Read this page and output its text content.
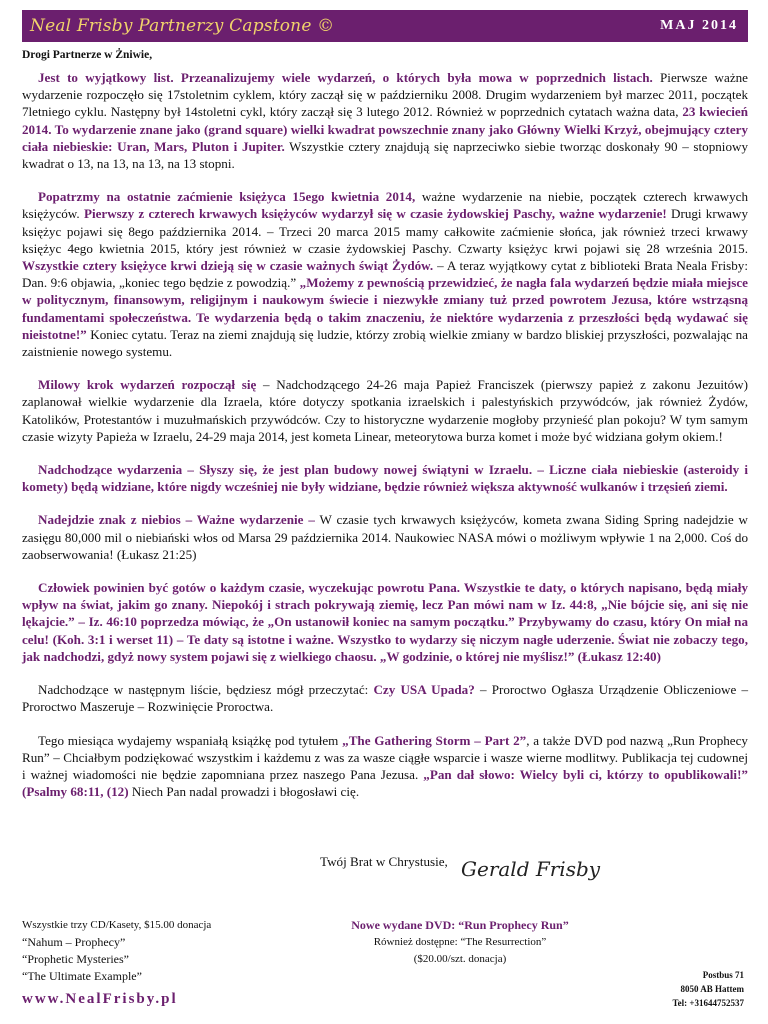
Neal Frisby Partnerzy Capstone ©	MAJ 2014
Drogi Partnerze w Żniwie,

Jest to wyjątkowy list. Przeanalizujemy wiele wydarzeń, o których była mowa w poprzednich listach. Pierwsze ważne wydarzenie rozpoczęło się 17stoletnim cyklem, który zaczął się w październiku 2008. Drugim wydarzeniem był marzec 2011, początek 7letniego cyklu. Następny był 14stoletni cykl, który zaczął się 3 lutego 2012. Również w poprzednich cytatach ważna data, 23 kwiecień 2014. To wydarzenie znane jako (grand square) wielki kwadrat powszechnie znany jako Główny Wielki Krzyż, obejmujący cztery ciała niebieskie: Uran, Mars, Pluton i Jupiter. Wszystkie cztery znajdują się naprzeciwko siebie tworząc doskonały 90 – stopniowy kwadrat o 13, na 13, na 13, na 13 stopni.

Popatrzmy na ostatnie zaćmienie księżyca 15ego kwietnia 2014, ważne wydarzenie na niebie, początek czterech krwawych księżyców. Pierwszy z czterech krwawych księżyców wydarzył się w czasie żydowskiej Paschy, ważne wydarzenie! Drugi krwawy księżyc pojawi się 8ego października 2014. – Trzeci 20 marca 2015 mamy całkowite zaćmienie słońca, jak również trzeci krwawy księżyc 4ego kwietnia 2015, który jest również w czasie żydowskiej Paschy. Czwarty księżyc krwi pojawi się 28 września 2015. Wszystkie cztery księżyce krwi dzieją się w czasie ważnych świąt Żydów. – A teraz wyjątkowy cytat z biblioteki Brata Neala Frisby: Dan. 9:6 objawia, „koniec tego będzie z powodzią.” „Możemy z pewnością przewidzieć, że nagła fala wydarzeń będzie miała miejsce w politycznym, finansowym, religijnym i naukowym świecie i niezwykłe zmiany tuż przed powrotem Jezusa, które wstrząsną fundamentami społeczeństwa. Te wydarzenia będą o takim znaczeniu, że niektóre wydarzenia z przeszłości będą wydawać się nieistotne!” Koniec cytatu. Teraz na ziemi znajdują się ludzie, którzy zrobią wielkie zmiany w bardzo bliskiej przyszłości, pozwalając na zaistnienie nowego systemu.

Milowy krok wydarzeń rozpoczął się – Nadchodzącego 24-26 maja Papież Franciszek (pierwszy papież z zakonu Jezuitów) zaplanował wielkie wydarzenie dla Izraela, które dotyczy spotkania izraelskich i palestyńskich przywódców, jak również Żydów, Katolików, Protestantów i muzułmańskich przywódców. Czy to historyczne wydarzenie mogłoby przynieść plan pokoju? W tym samym czasie wizyty Papieża w Izraelu, 24-29 maja 2014, jest kometa Linear, meteorytowa burza komet i może być widziana gołym okiem.!

Nadchodzące wydarzenia – Słyszy się, że jest plan budowy nowej świątyni w Izraelu. – Liczne ciała niebieskie (asteroidy i komety) będą widziane, które nigdy wcześniej nie były widziane, będzie również większa aktywność wulkanów i trzęsień ziemi.

Nadejdzie znak z niebios – Ważne wydarzenie – W czasie tych krwawych księżyców, kometa zwana Siding Spring nadejdzie w zasięgu 80,000 mil o niebiański włos od Marsa 29 października 2014. Naukowiec NASA mówi o możliwym wpływie 1 na 2,000. Coś do zaobserwowania! (Łukasz 21:25)

Człowiek powinien być gotów o każdym czasie, wyczekując powrotu Pana. Wszystkie te daty, o których napisano, będą miały wpływ na świat, jakim go znany. Niepokój i strach pokrywają ziemię, lecz Pan mówi nam w Iz. 44:8, „Nie bójcie się, ani się nie lękajcie.” – Iz. 46:10 poprzedza mówiąc, że „On ustanowił koniec na samym początku.” Przybywamy do czasu, który On miał na celu! (Koh. 3:1 i werset 11) – Te daty są istotne i ważne. Wszystko to wydarzy się niczym nagłe uderzenie. Świat nie zobaczy tego, jak nadchodzi, gdyż nowy system pojawi się z wielkiego chaosu. „W godzinie, o której nie myślisz!” (Łukasz 12:40)

Nadchodzące w następnym liście, będziesz mógł przeczytać: Czy USA Upada? – Proroctwo Ogłasza Urządzenie Obliczeniowe – Proroctwo Maszeruje – Rozwinięcie Proroctwa.

Tego miesiąca wydajemy wspaniałą książkę pod tytułem „The Gathering Storm – Part 2”, a także DVD pod nazwą „Run Prophecy Run” – Chciałbym podziękować wszystkim i każdemu z was za wasze ciągłe wsparcie i wasze wierne modlitwy. Publikacja tej cudownej i ważnej wiadomości nie będzie zapomniana przez naszego Pana Jezusa. „Pan dał słowo: Wielcy byli ci, którzy to opublikowali!” (Psalmy 68:11, (12) Niech Pan nadal prowadzi i błogosławi cię.

Twój Brat w Chrystusie, Gerald Frisby
Wszystkie trzy CD/Kasety, $15.00 donacja
“Nahum – Prophecy”
“Prophetic Mysteries”
“The Ultimate Example”
Nowe wydane DVD: “Run Prophecy Run”
Również dostępne: “The Resurrection”
($20.00/szt. donacja)
www.NealFrisby.pl
Postbus 71
8050 AB Hattem
Tel: +31644752537
